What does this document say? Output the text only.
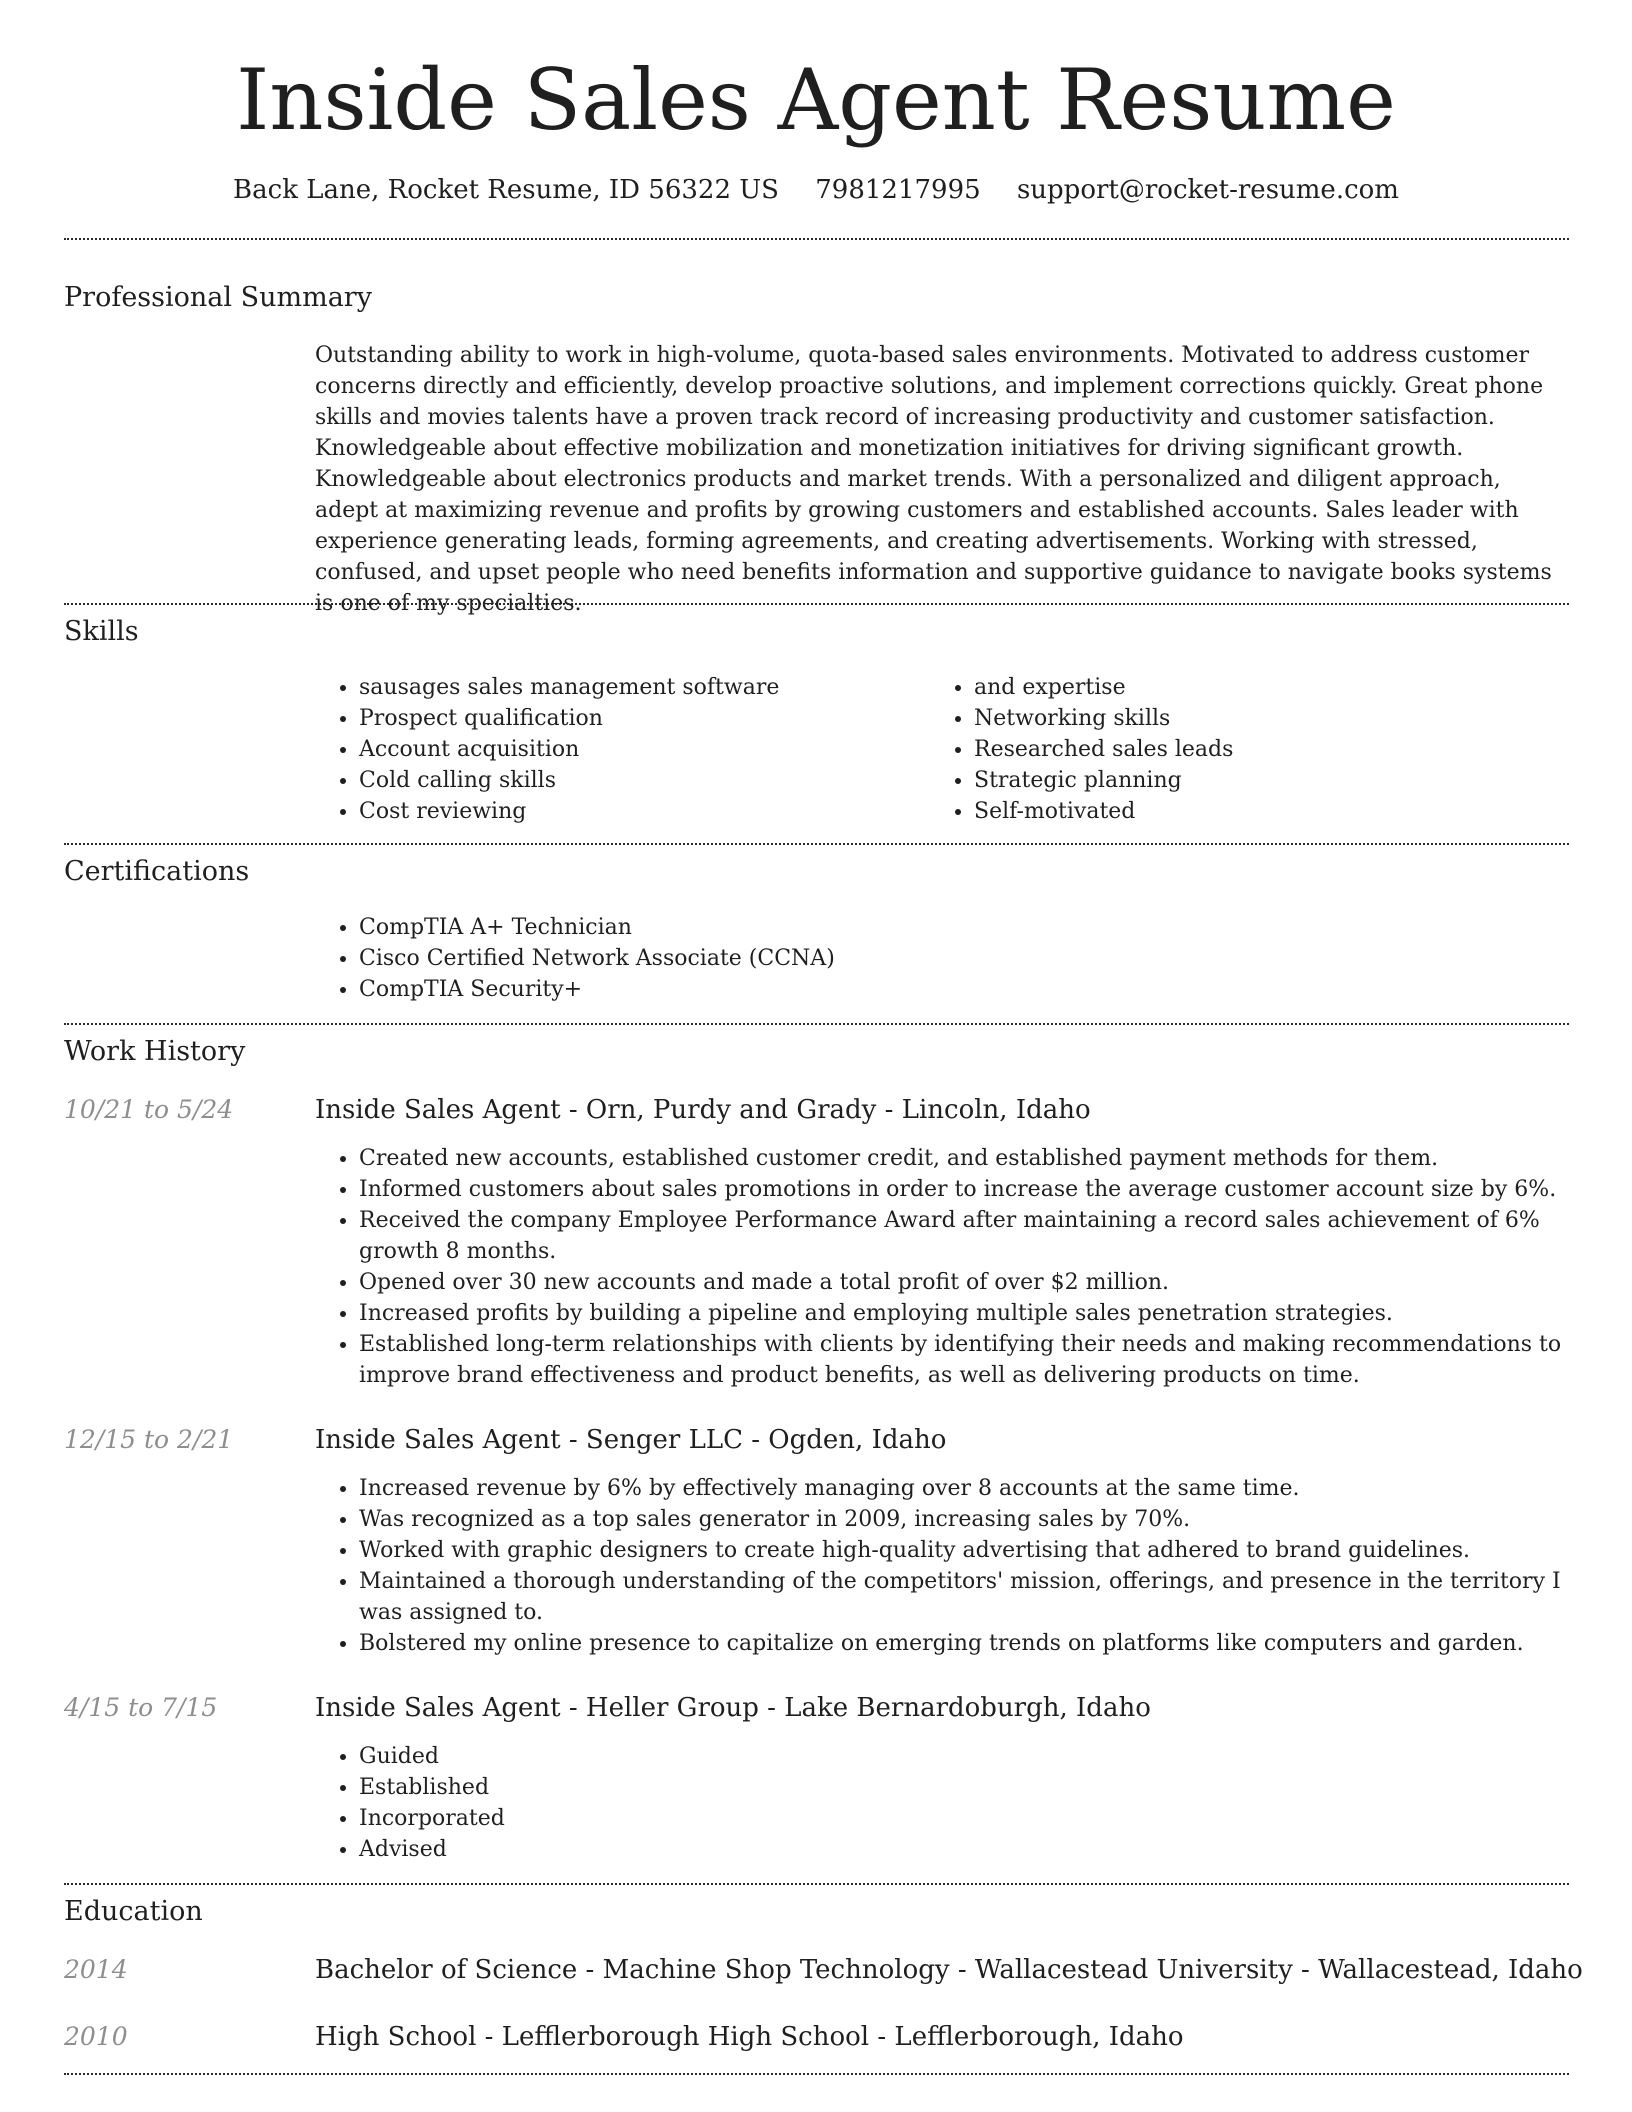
Inside Sales Agent Resume
Back Lane, Rocket Resume, ID 56322 US 7981217995 support@rocket-resume.com
Professional Summary

Outstanding ability to work in high-volume, quota-based sales environments. Motivated to address customer concerns directly and efficiently, develop proactive solutions, and implement corrections quickly. Great phone skills and movies talents have a proven track record of increasing productivity and customer satisfaction. Knowledgeable about effective mobilization and monetization initiatives for driving significant growth. Knowledgeable about electronics products and market trends. With a personalized and diligent approach, adept at maximizing revenue and profits by growing customers and established accounts. Sales leader with experience generating leads, forming agreements, and creating advertisements. Working with stressed, confused, and upset people who need benefits information and supportive guidance to navigate books systems is one of my specialties.

Skills
• sausages sales management software
• Prospect qualification
• Account acquisition
• Cold calling skills
• Cost reviewing
• and expertise
• Networking skills
• Researched sales leads
• Strategic planning
• Self-motivated
Certifications
• CompTIA A+ Technician
• Cisco Certified Network Associate (CCNA)
• CompTIA Security+
Work History
10/21 to 5/24	Inside Sales Agent - Orn, Purdy and Grady - Lincoln, Idaho
• Created new accounts, established customer credit, and established payment methods for them.
• Informed customers about sales promotions in order to increase the average customer account size by 6%.
• Received the company Employee Performance Award after maintaining a record sales achievement of 6% growth 8 months.
• Opened over 30 new accounts and made a total profit of over $2 million.
• Increased profits by building a pipeline and employing multiple sales penetration strategies.
• Established long-term relationships with clients by identifying their needs and making recommendations to improve brand effectiveness and product benefits, as well as delivering products on time.
12/15 to 2/21	Inside Sales Agent - Senger LLC - Ogden, Idaho
• Increased revenue by 6% by effectively managing over 8 accounts at the same time.
• Was recognized as a top sales generator in 2009, increasing sales by 70%.
• Worked with graphic designers to create high-quality advertising that adhered to brand guidelines.
• Maintained a thorough understanding of the competitors' mission, offerings, and presence in the territory I was assigned to.
• Bolstered my online presence to capitalize on emerging trends on platforms like computers and garden.
4/15 to 7/15	Inside Sales Agent - Heller Group - Lake Bernardoburgh, Idaho
• Guided
• Established
• Incorporated
• Advised
Education
2014	Bachelor of Science - Machine Shop Technology - Wallacestead University - Wallacestead, Idaho
2010	High School - Lefflerborough High School - Lefflerborough, Idaho
